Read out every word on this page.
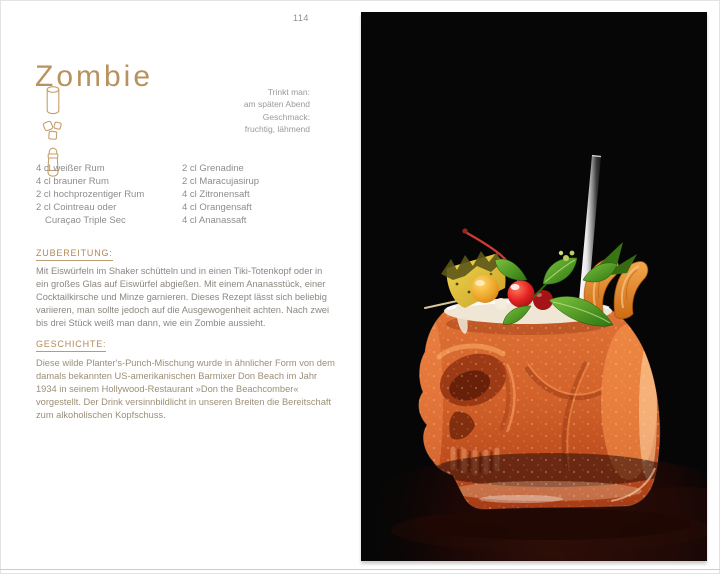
114
Zombie	Trinkt man:
am späten Abend
Geschmack:
fruchtig, lähmend
4 cl weißer Rum
4 cl brauner Rum
2 cl hochprozentiger Rum
2 cl Cointreau oder
Curaçao Triple Sec
2 cl Grenadine
2 cl Maracujasirup
4 cl Zitronensaft
4 cl Orangensaft
4 cl Ananassaft
ZUBEREITUNG:
Mit Eiswürfeln im Shaker schütteln und in einen Tiki-Totenkopf oder in ein großes Glas auf Eiswürfel abgießen. Mit einem Ananasstück, einer Cocktailkirsche und Minze garnieren. Dieses Rezept lässt sich beliebig variieren, man sollte jedoch auf die Ausgewogenheit achten. Nach zwei bis drei Stück weiß man dann, wie ein Zombie aussieht.
GESCHICHTE:
Diese wilde Planter's-Punch-Mischung wurde in ähnlicher Form von dem damals bekannten US-amerikanischen Barmixer Don Beach im Jahr 1934 in seinem Hollywood-Restaurant »Don the Beachcomber« vorgestellt. Der Drink versinnbildlicht in unseren Breiten die Bereitschaft zum alkoholischen Kopfschuss.
